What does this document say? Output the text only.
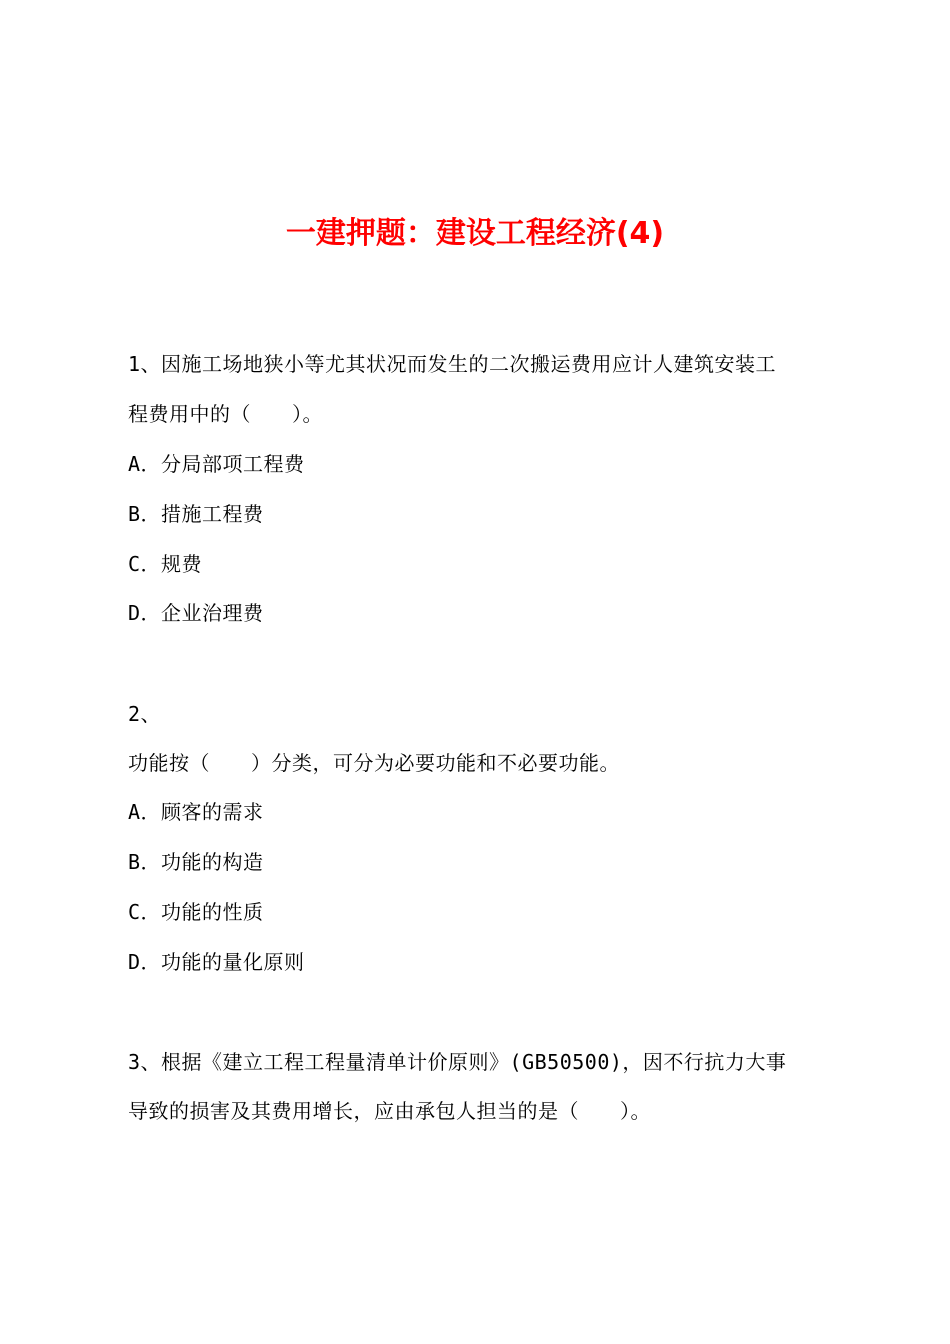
一建押题：建设工程经济(4)
1、因施工场地狭小等尤其状况而发生的二次搬运费用应计人建筑安装工
程费用中的（　　）。
A．分局部项工程费
B．措施工程费
C．规费
D．企业治理费
2、
功能按（　　）分类，可分为必要功能和不必要功能。
A．顾客的需求
B．功能的构造
C．功能的性质
D．功能的量化原则
3、根据《建立工程工程量清单计价原则》(GB50500)，因不行抗力大事
导致的损害及其费用增长，应由承包人担当的是（　　）。
